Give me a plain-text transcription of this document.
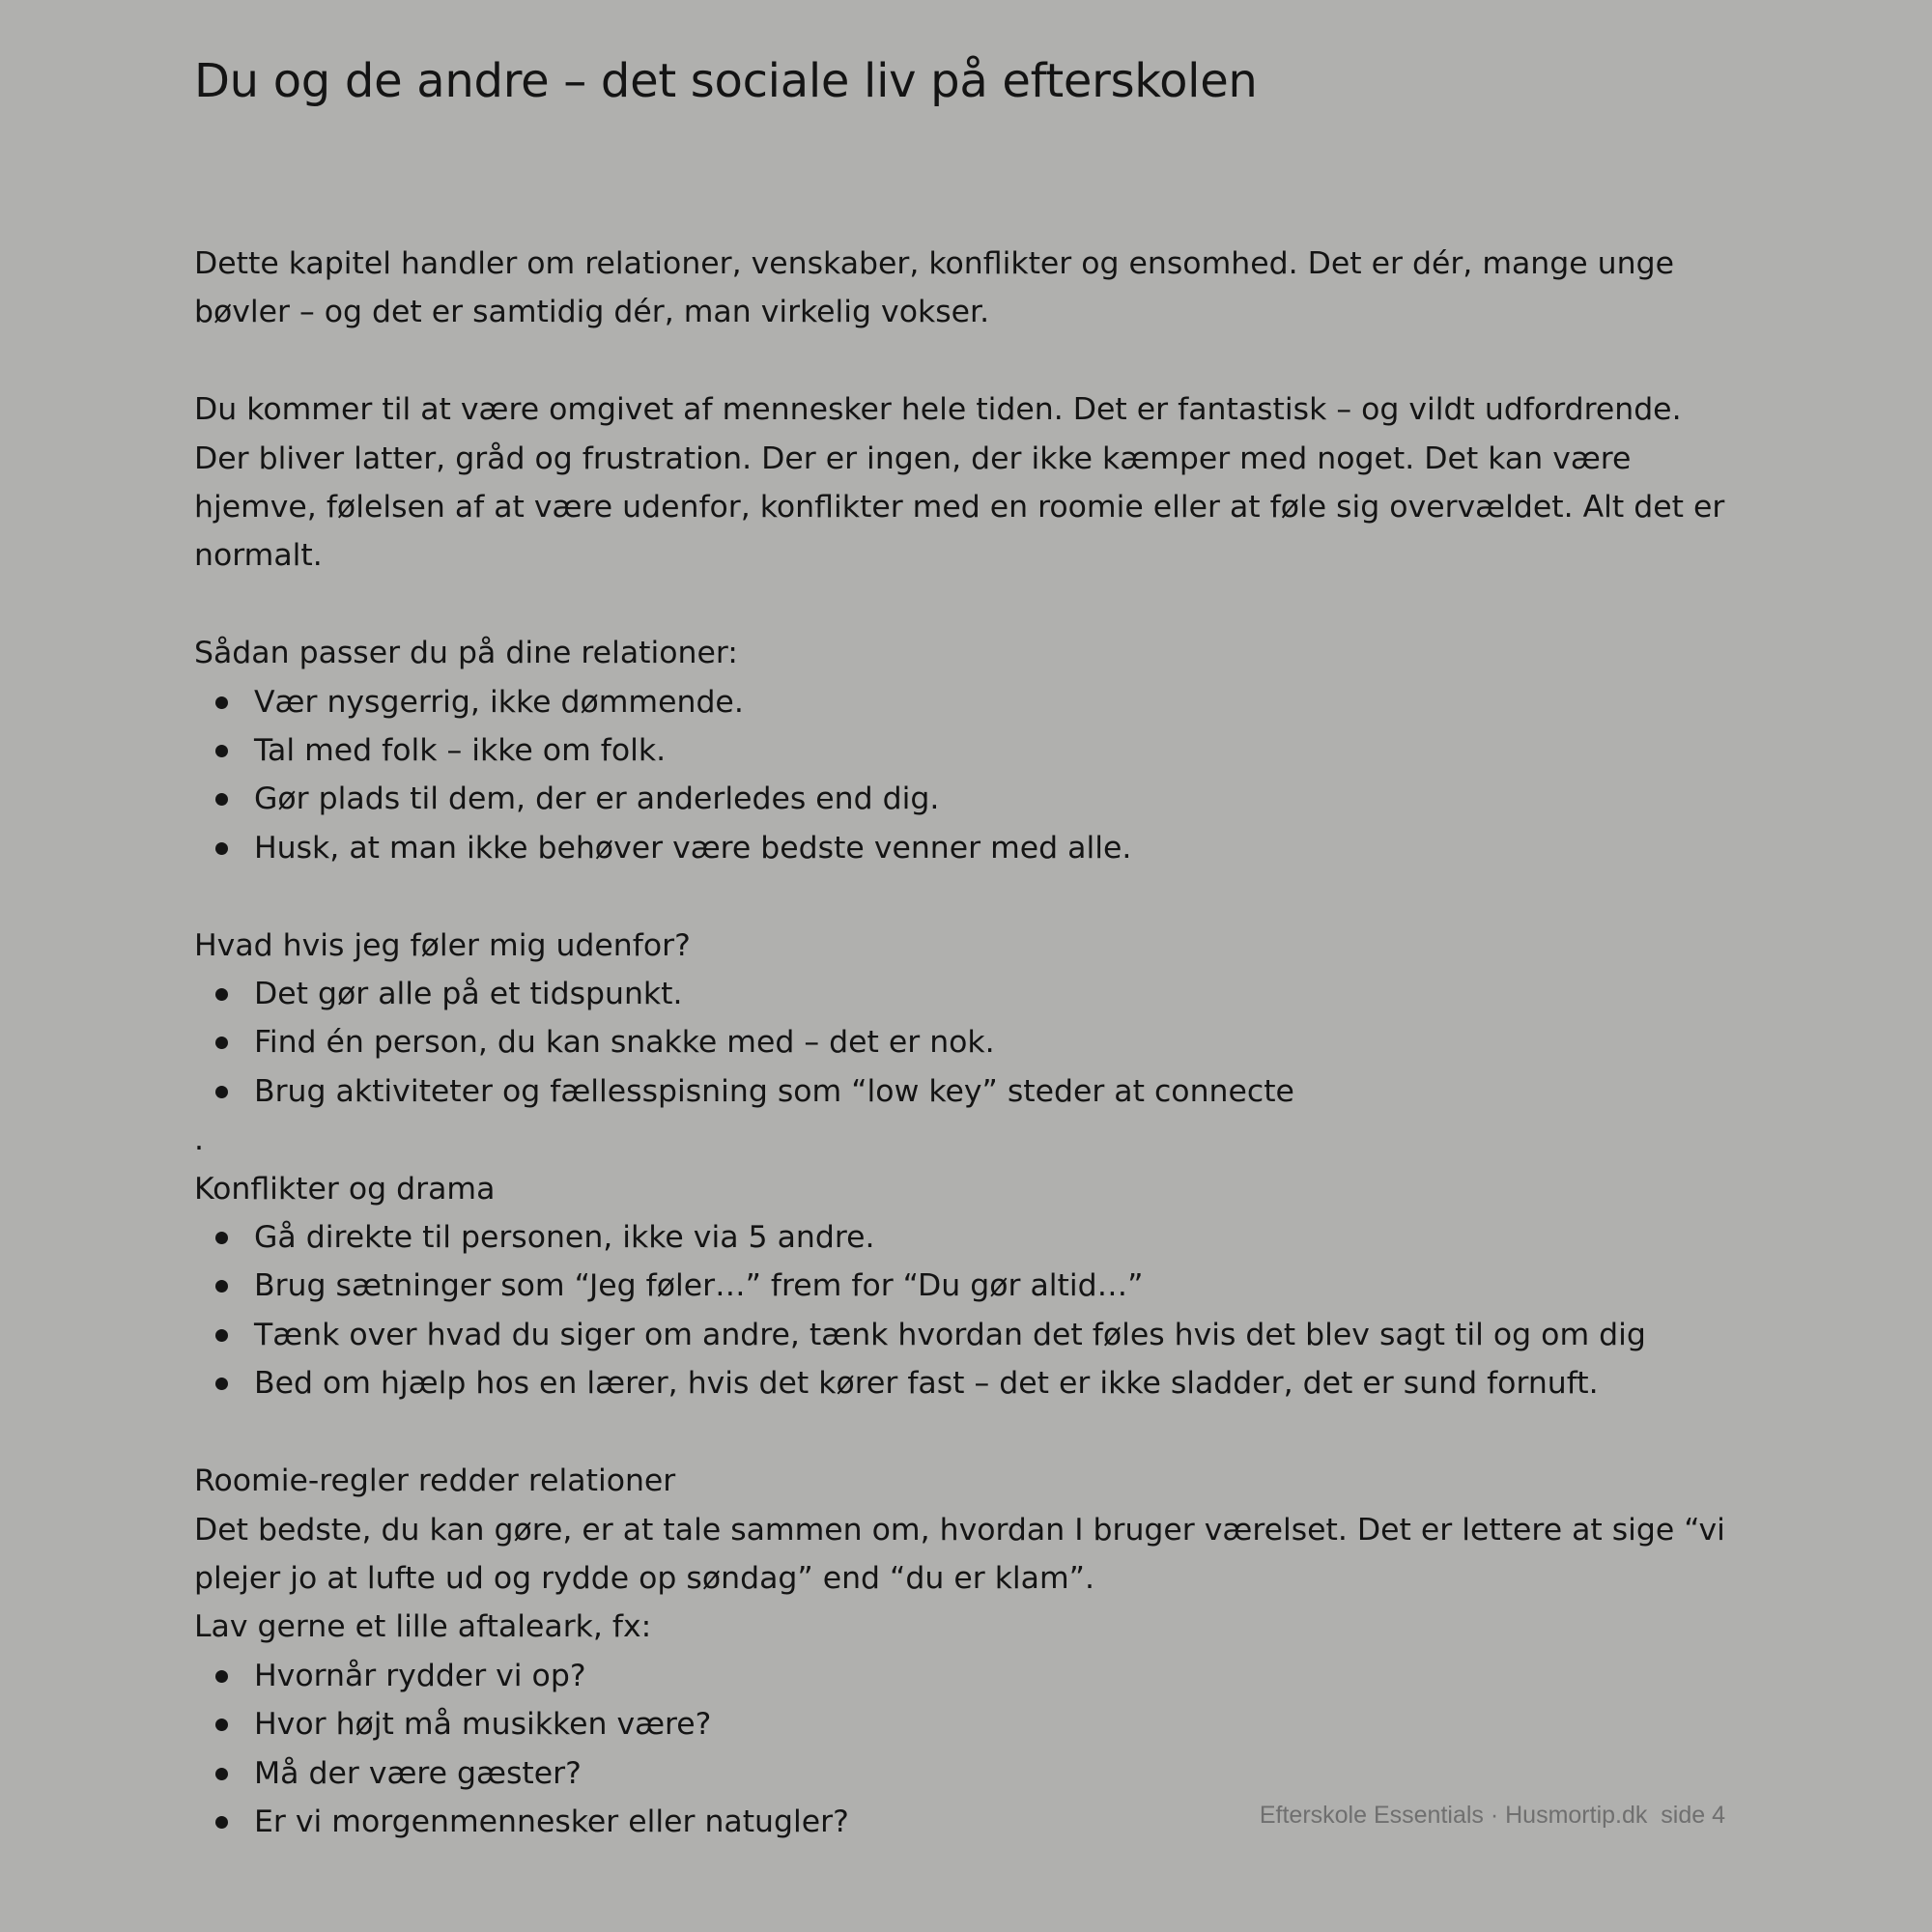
Du og de andre – det sociale liv på efterskolen

Dette kapitel handler om relationer, venskaber, konflikter og ensomhed. Det er dér, mange unge bøvler – og det er samtidig dér, man virkelig vokser.

Du kommer til at være omgivet af mennesker hele tiden. Det er fantastisk – og vildt udfordrende. Der bliver latter, gråd og frustration. Der er ingen, der ikke kæmper med noget. Det kan være hjemve, følelsen af at være udenfor, konflikter med en roomie eller at føle sig overvældet. Alt det er normalt.

Sådan passer du på dine relationer:

Vær nysgerrig, ikke dømmende.
Tal med folk – ikke om folk.
Gør plads til dem, der er anderledes end dig.
Husk, at man ikke behøver være bedste venner med alle.

Hvad hvis jeg føler mig udenfor?

Det gør alle på et tidspunkt.
Find én person, du kan snakke med – det er nok.
Brug aktiviteter og fællesspisning som “low key” steder at connecte

.

Konflikter og drama

Gå direkte til personen, ikke via 5 andre.
Brug sætninger som “Jeg føler…” frem for “Du gør altid…”
Tænk over hvad du siger om andre, tænk hvordan det føles hvis det blev sagt til og om dig
Bed om hjælp hos en lærer, hvis det kører fast – det er ikke sladder, det er sund fornuft.

Roomie-regler redder relationer

Det bedste, du kan gøre, er at tale sammen om, hvordan I bruger værelset. Det er lettere at sige “vi plejer jo at lufte ud og rydde op søndag” end “du er klam”.

Lav gerne et lille aftaleark, fx:

Hvornår rydder vi op?
Hvor højt må musikken være?
Må der være gæster?
Er vi morgenmennesker eller natugler?	Efterskole Essentials · Husmortip.dk  side 4
